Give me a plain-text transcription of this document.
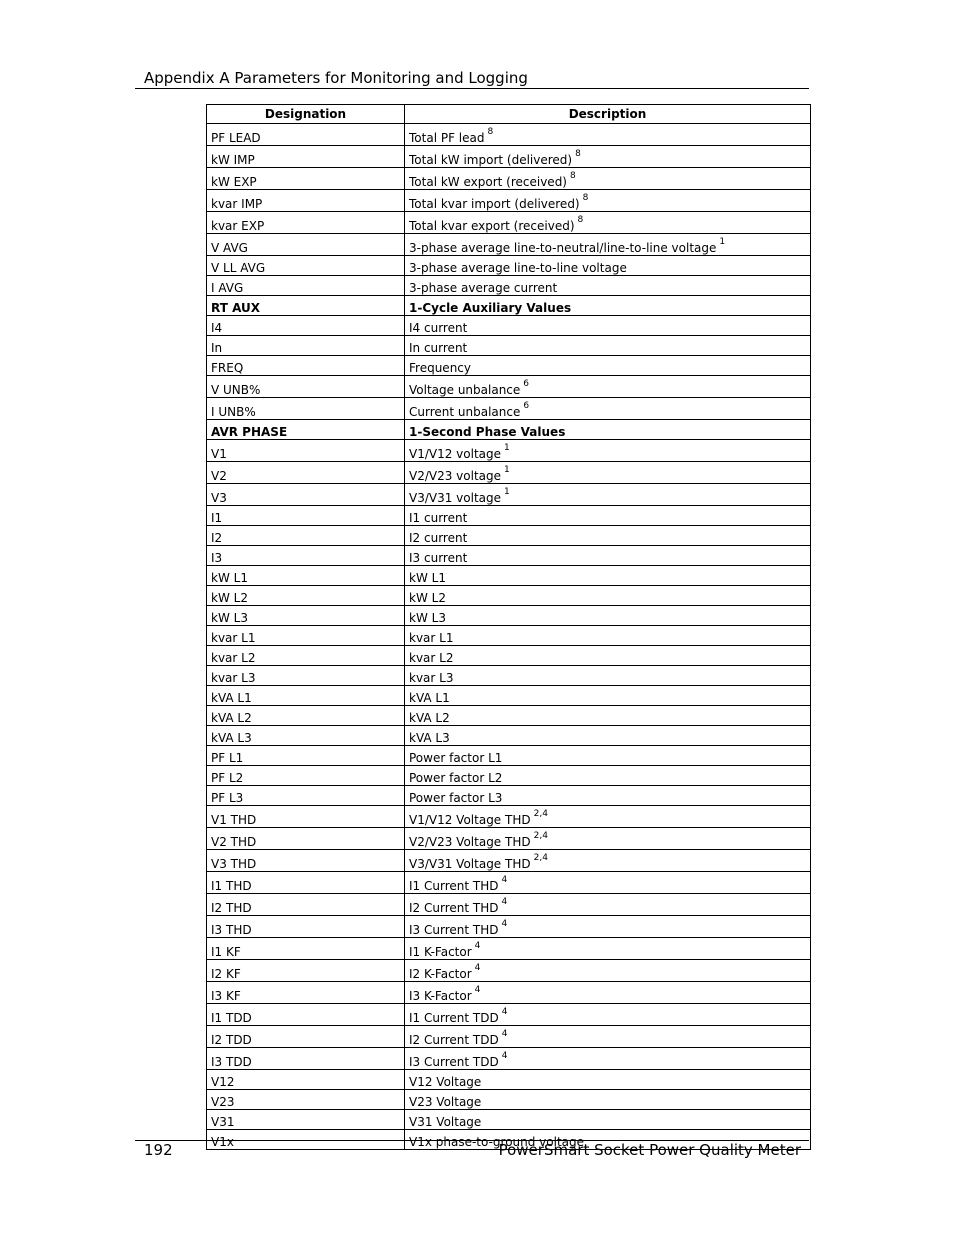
Appendix A Parameters for Monitoring and Logging
Designation	Description
PF LEAD	Total PF lead $^8$
kW IMP	Total kW import (delivered) $^8$
kW EXP	Total kW export (received) $^8$
kvar IMP	Total kvar import (delivered) $^8$
kvar EXP	Total kvar export (received) $^8$
V AVG	3-phase average line-to-neutral/line-to-line voltage $^1$
V LL AVG	3-phase average line-to-line voltage
I AVG	3-phase average current
RT AUX	1-Cycle Auxiliary Values
I4	I4 current
In	In current
FREQ	Frequency
V UNB%	Voltage unbalance $^6$
I UNB%	Current unbalance $^6$
AVR PHASE	1-Second Phase Values
V1	V1/V12 voltage $^1$
V2	V2/V23 voltage $^1$
V3	V3/V31 voltage $^1$
I1	I1 current
I2	I2 current
I3	I3 current
kW L1	kW L1
kW L2	kW L2
kW L3	kW L3
kvar L1	kvar L1
kvar L2	kvar L2
kvar L3	kvar L3
kVA L1	kVA L1
kVA L2	kVA L2
kVA L3	kVA L3
PF L1	Power factor L1
PF L2	Power factor L2
PF L3	Power factor L3
V1 THD	V1/V12 Voltage THD $^{2,4}$
V2 THD	V2/V23 Voltage THD $^{2,4}$
V3 THD	V3/V31 Voltage THD $^{2,4}$
I1 THD	I1 Current THD $^4$
I2 THD	I2 Current THD $^4$
I3 THD	I3 Current THD $^4$
I1 KF	I1 K-Factor $^4$
I2 KF	I2 K-Factor $^4$
I3 KF	I3 K-Factor $^4$
I1 TDD	I1 Current TDD $^4$
I2 TDD	I2 Current TDD $^4$
I3 TDD	I3 Current TDD $^4$
V12	V12 Voltage
V23	V23 Voltage
V31	V31 Voltage
V1x	V1x phase-to-ground voltage
192	PowerSmart Socket Power Quality Meter
